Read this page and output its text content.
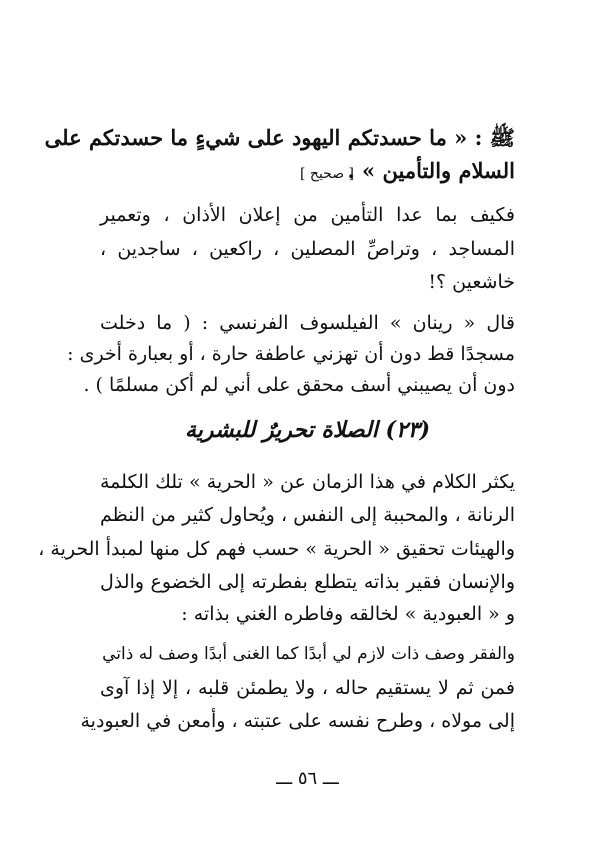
ﷺ : « ما حسدتكم اليهود على شيءٍ ما حسدتكم على
السلام والتأمين » .
[ صحيح ]
فكيف بما عدا التأمين من إعلان الأذان ، وتعمير
المساجد ، وتراصِّ المصلين ، راكعين ، ساجدين ،
خاشعين ؟!
قال « رينان » الفيلسوف الفرنسي : ( ما دخلت
مسجدًا قط دون أن تهزني عاطفة حارة ، أو بعبارة أخرى :
دون أن يصيبني أسف محقق على أني لم أكن مسلمًا ) .
(٢٣) الصلاة تحريرٌ للبشرية
يكثر الكلام في هذا الزمان عن « الحرية » تلك الكلمة
الرنانة ، والمحببة إلى النفس ، ويُحاول كثير من النظم
والهيئات تحقيق « الحرية » حسب فهم كل منها لمبدأ الحرية ،
والإنسان فقير بذاته يتطلع بفطرته إلى الخضوع والذل
و « العبودية » لخالقه وفاطره الغني بذاته :
والفقر وصف ذات لازم لي أبدًا كما الغنى أبدًا وصف له ذاتي
فمن ثم لا يستقيم حاله ، ولا يطمئن قلبه ، إلا إذا آوى
إلى مولاه ، وطرح نفسه على عتبته ، وأمعن في العبودية
ـــ ٥٦ ـــ
